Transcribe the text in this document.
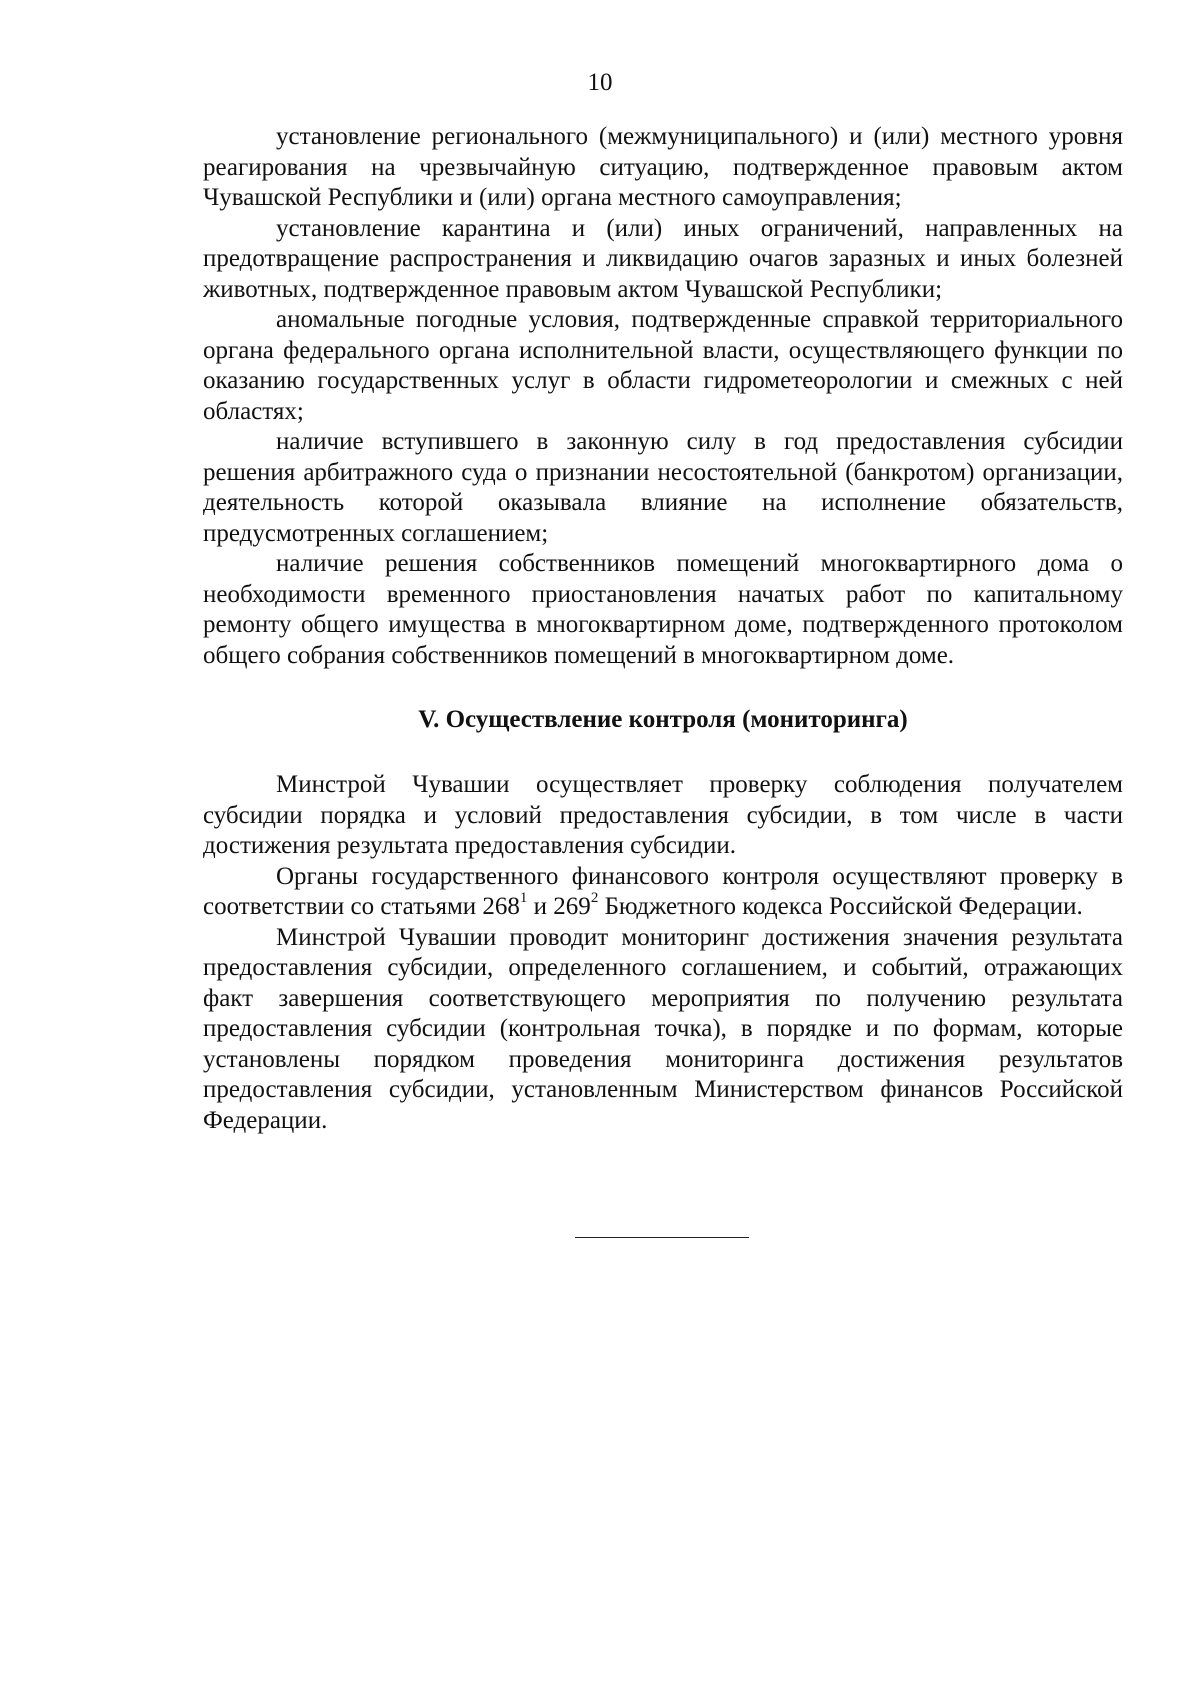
10

установление регионального (межмуниципального) и (или) местного уровня реагирования на чрезвычайную ситуацию, подтвержденное правовым актом Чувашской Республики и (или) органа местного самоуправления;

установление карантина и (или) иных ограничений, направленных на предотвращение распространения и ликвидацию очагов заразных и иных болезней животных, подтвержденное правовым актом Чувашской Республики;

аномальные погодные условия, подтвержденные справкой территориального органа федерального органа исполнительной власти, осуществляющего функции по оказанию государственных услуг в области гидрометеорологии и смежных с ней областях;

наличие вступившего в законную силу в год предоставления субсидии решения арбитражного суда о признании несостоятельной (банкротом) организации, деятельность которой оказывала влияние на исполнение обязательств, предусмотренных соглашением;

наличие решения собственников помещений многоквартирного дома о необходимости временного приостановления начатых работ по капитальному ремонту общего имущества в многоквартирном доме, подтвержденного протоколом общего собрания собственников помещений в многоквартирном доме.

V. Осуществление контроля (мониторинга)

Минстрой Чувашии осуществляет проверку соблюдения получателем субсидии порядка и условий предоставления субсидии, в том числе в части достижения результата предоставления субсидии.

Органы государственного финансового контроля осуществляют проверку в соответствии со статьями $268^1$ и $269^2$ Бюджетного кодекса Российской Федерации.

Минстрой Чувашии проводит мониторинг достижения значения результата предоставления субсидии, определенного соглашением, и событий, отражающих факт завершения соответствующего мероприятия по получению результата предоставления субсидии (контрольная точка), в порядке и по формам, которые установлены порядком проведения мониторинга достижения результатов предоставления субсидии, установленным Министерством финансов Российской Федерации.
